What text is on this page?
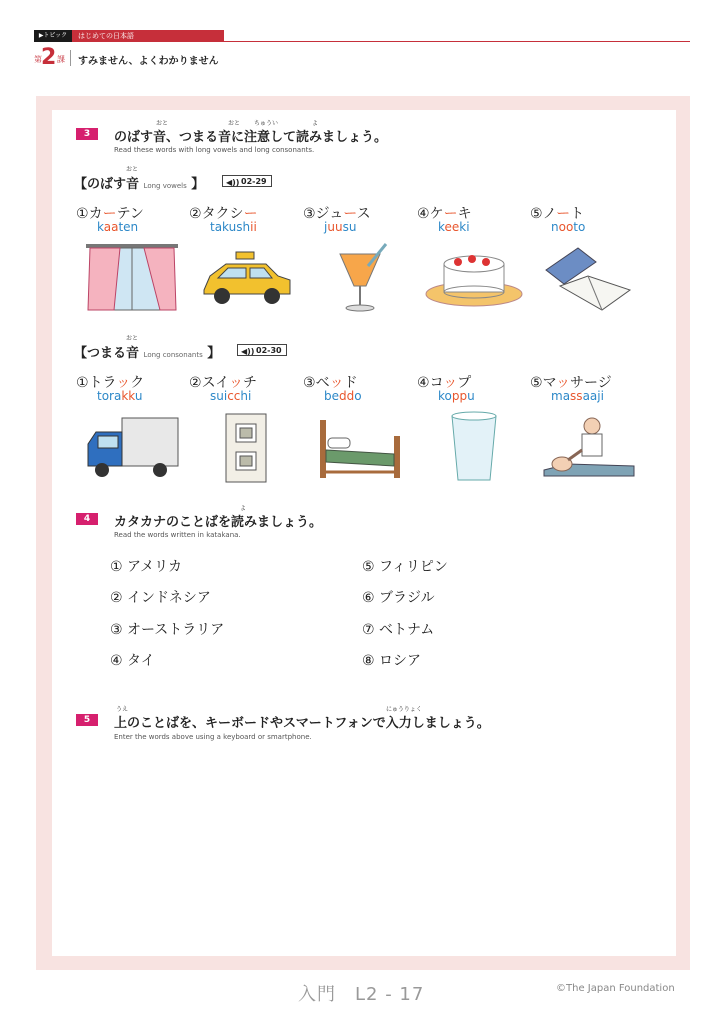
▶トピック	はじめての日本語
第 2 課 すみません、よくわかりません
3
おと	おと ちゅうい	よ
のばす音、つまる音に注意して読みましょう。
Read these words with long vowels and long consonants.
おと
【のばす音 Long vowels 】	◀)) 02-29
①カーテン
kaaten
②タクシー
takushii
③ジュース
juusu
④ケーキ
keeki
⑤ノート
nooto
おと
【つまる音 Long consonants 】	◀)) 02-30
①トラック
torakku
②スイッチ
suicchi
③ベッド
beddo
④コップ
koppu
⑤マッサージ
massaaji
4
よ
カタカナのことばを読みましょう。
Read the words written in katakana.
① アメリカ
② インドネシア
③ オーストラリア
④ タイ
⑤ フィリピン
⑥ ブラジル
⑦ ベトナム
⑧ ロシア
5
うえ	にゅうりょく
上のことばを、キーボードやスマートフォンで入力しましょう。
Enter the words above using a keyboard or smartphone.
入門　L2 - 17	©The Japan Foundation
